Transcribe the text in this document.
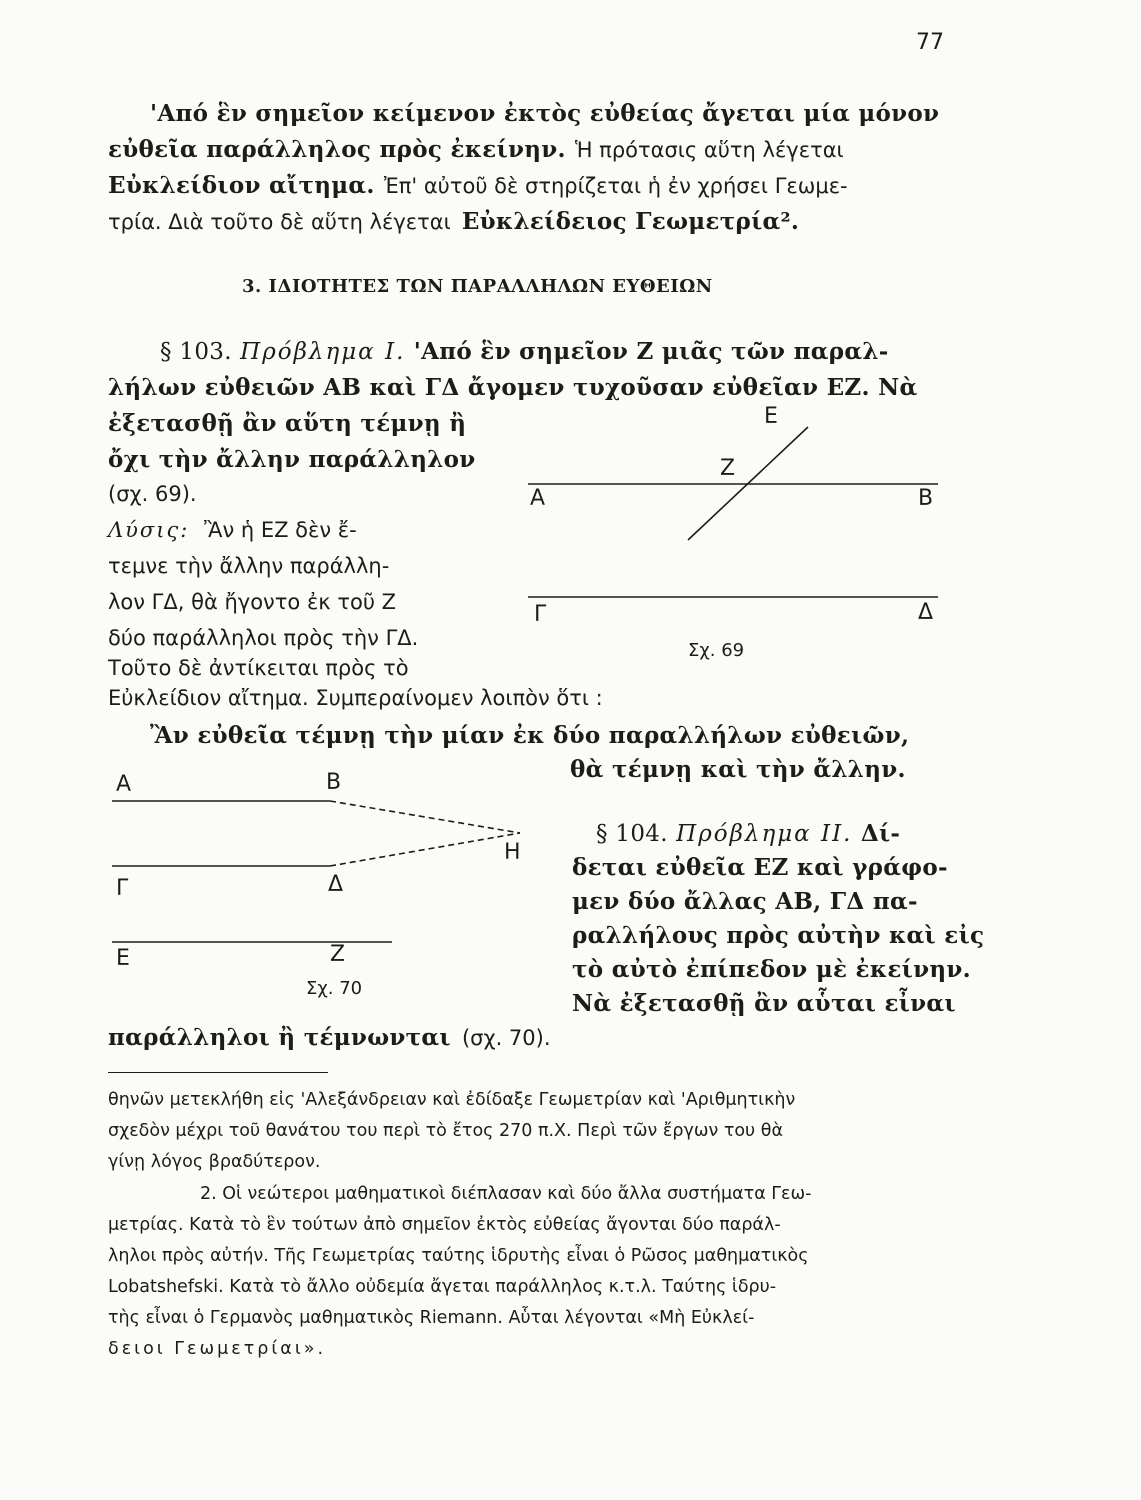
77
'Από ἓν σημεῖον κείμενον ἐκτὸς εὐθείας ἄγεται μία μόνον
εὐθεῖα παράλληλος πρὸς ἐκείνην. Ἡ πρότασις αὕτη λέγεται
Εὐκλείδιον αἴτημα. Ἐπ' αὐτοῦ δὲ στηρίζεται ἡ ἐν χρήσει Γεωμε-
τρία. Διὰ τοῦτο δὲ αὕτη λέγεται Εὐκλείδειος Γεωμετρία².
3. ΙΔΙΟΤΗΤΕΣ ΤΩΝ ΠΑΡΑΛΛΗΛΩΝ ΕΥΘΕΙΩΝ
§ 103. Πρόβλημα Ι. 'Από ἓν σημεῖον Ζ μιᾶς τῶν παραλ-
λήλων εὐθειῶν ΑΒ καὶ ΓΔ ἄγομεν τυχοῦσαν εὐθεῖαν ΕΖ. Νὰ
ἐξετασθῇ ἂν αὕτη τέμνῃ ἢ
ὄχι τὴν ἄλλην παράλληλον
(σχ. 69).
Λύσις: Ἂν ἡ ΕΖ δὲν ἔ-
τεμνε τὴν ἄλλην παράλλη-
λον ΓΔ, θὰ ἤγοντο ἐκ τοῦ Ζ
δύο παράλληλοι πρὸς τὴν ΓΔ.
Τοῦτο δὲ ἀντίκειται πρὸς τὸ
Εὐκλείδιον αἴτημα. Συμπεραίνομεν λοιπὸν ὅτι :
Ἂν εὐθεῖα τέμνῃ τὴν μίαν ἐκ δύο παραλλήλων εὐθειῶν,
θὰ τέμνῃ καὶ τὴν ἄλλην.
Ε
Ζ
Α	Β
Γ	Δ
Σχ. 69
Α	Β
Η
Γ	Δ
Ε	Ζ
Σχ. 70
§ 104. Πρόβλημα ΙΙ. Δί-
δεται εὐθεῖα ΕΖ καὶ γράφο-
μεν δύο ἄλλας ΑΒ, ΓΔ πα-
ραλλήλους πρὸς αὐτὴν καὶ εἰς
τὸ αὐτὸ ἐπίπεδον μὲ ἐκείνην.
Νὰ ἐξετασθῇ ἂν αὗται εἶναι
παράλληλοι ἢ τέμνωνται (σχ. 70).
θηνῶν μετεκλήθη εἰς 'Αλεξάνδρειαν καὶ ἐδίδαξε Γεωμετρίαν καὶ 'Αριθμητικὴν
σχεδὸν μέχρι τοῦ θανάτου του περὶ τὸ ἔτος 270 π.Χ. Περὶ τῶν ἔργων του θὰ
γίνῃ λόγος βραδύτερον.
2. Οἱ νεώτεροι μαθηματικοὶ διέπλασαν καὶ δύο ἄλλα συστήματα Γεω-
μετρίας. Κατὰ τὸ ἓν τούτων ἀπὸ σημεῖον ἐκτὸς εὐθείας ἄγονται δύο παράλ-
ληλοι πρὸς αὐτήν. Τῆς Γεωμετρίας ταύτης ἱδρυτὴς εἶναι ὁ Ρῶσος μαθηματικὸς
Lobatshefski. Κατὰ τὸ ἄλλο οὐδεμία ἄγεται παράλληλος κ.τ.λ. Ταύτης ἱδρυ-
τὴς εἶναι ὁ Γερμανὸς μαθηματικὸς Riemann. Αὗται λέγονται «Μὴ Εὐκλεί-
δειοι Γεωμετρίαι».
